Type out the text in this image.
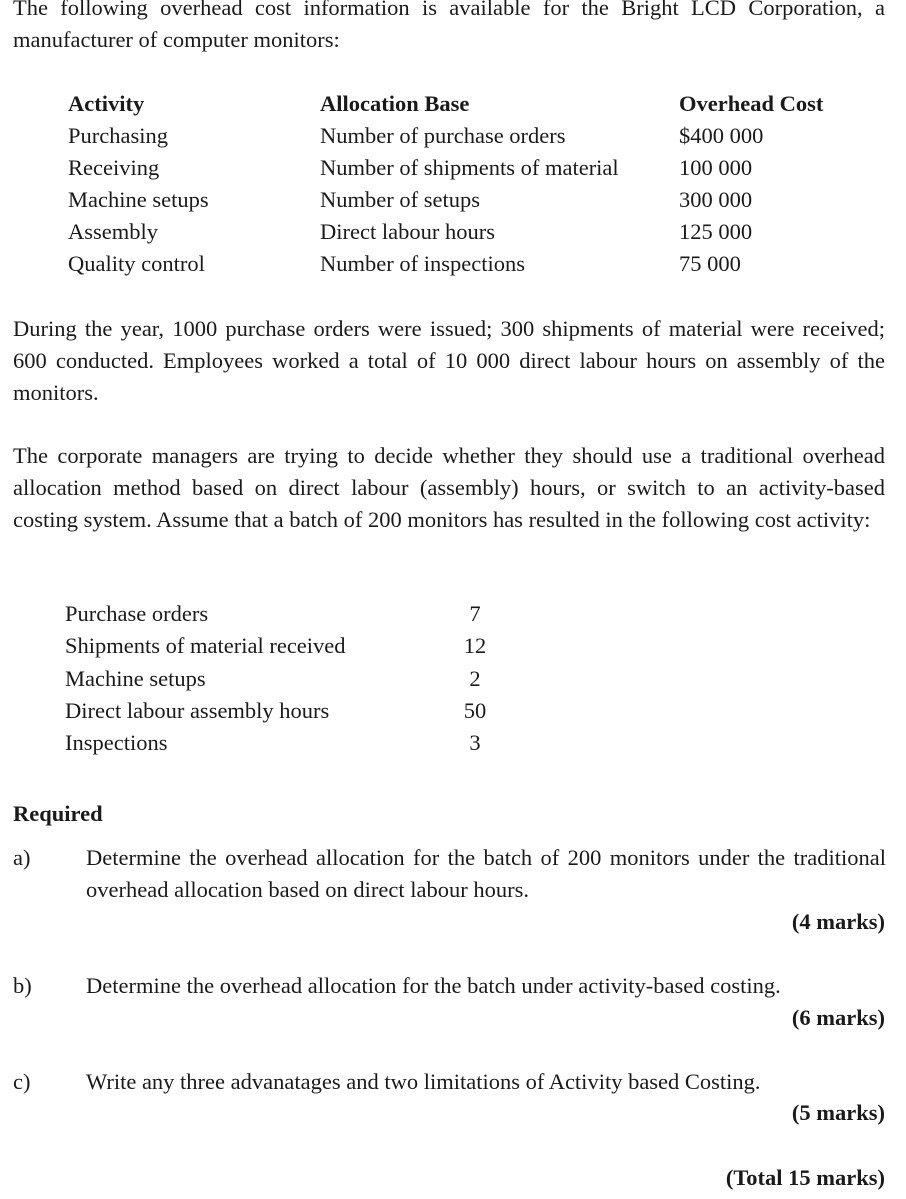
The following overhead cost information is available for the Bright LCD Corporation, a manufacturer of computer monitors:
Activity
Purchasing
Receiving
Machine setups
Assembly
Quality control
Allocation Base
Number of purchase orders
Number of shipments of material
Number of setups
Direct labour hours
Number of inspections
Overhead Cost
$400 000
100 000
300 000
125 000
75 000
During the year, 1000 purchase orders were issued; 300 shipments of material were received; 600 conducted. Employees worked a total of 10 000 direct labour hours on assembly of the monitors.
The corporate managers are trying to decide whether they should use a traditional overhead allocation method based on direct labour (assembly) hours, or switch to an activity-based costing system. Assume that a batch of 200 monitors has resulted in the following cost activity:
Purchase orders
Shipments of material received
Machine setups
Direct labour assembly hours
Inspections
7
12
2
50
3
Required
a) Determine the overhead allocation for the batch of 200 monitors under the traditional overhead allocation based on direct labour hours.
(4 marks)
b) Determine the overhead allocation for the batch under activity-based costing.
(6 marks)
c) Write any three advanatages and two limitations of Activity based Costing.
(5 marks)
(Total 15 marks)
